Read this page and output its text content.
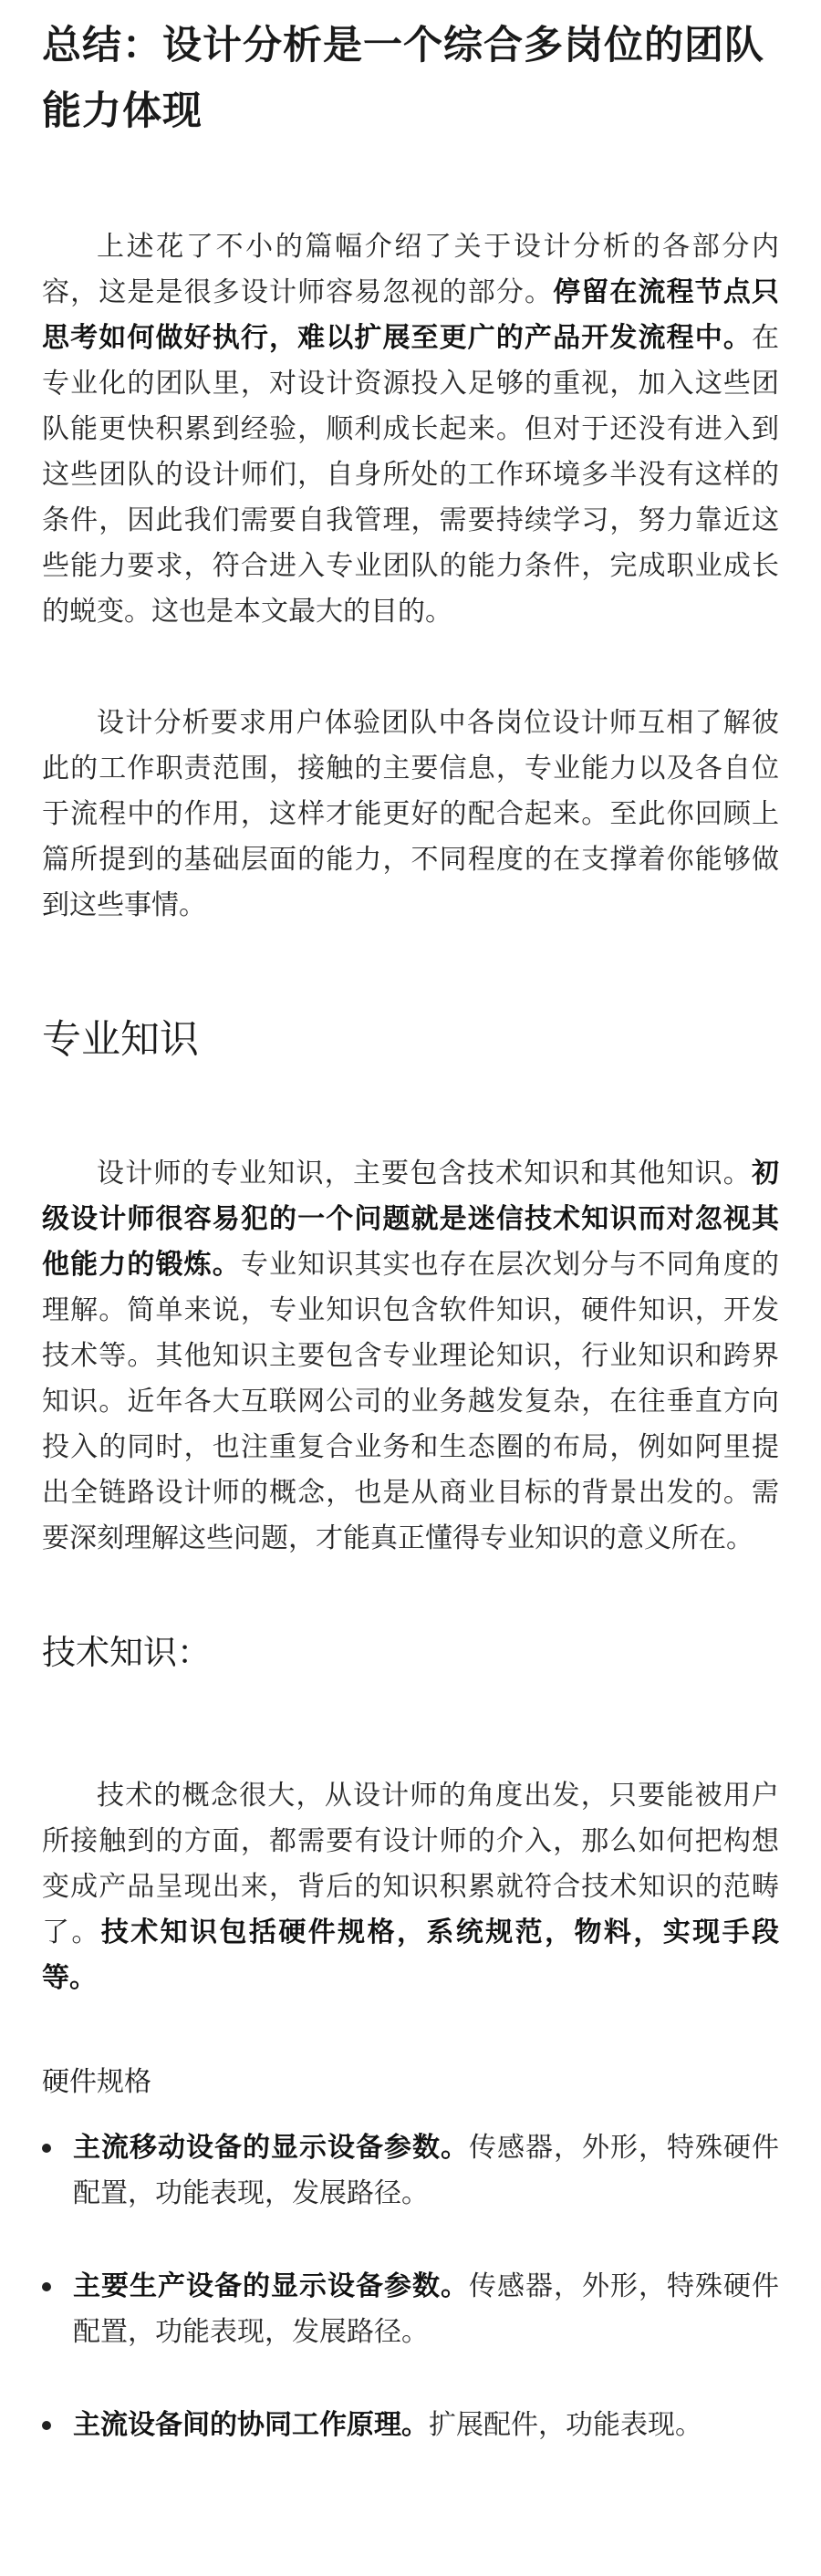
总结：设计分析是一个综合多岗位的团队能力体现

上述花了不小的篇幅介绍了关于设计分析的各部分内容，这是是很多设计师容易忽视的部分。停留在流程节点只思考如何做好执行，难以扩展至更广的产品开发流程中。在专业化的团队里，对设计资源投入足够的重视，加入这些团队能更快积累到经验，顺利成长起来。但对于还没有进入到这些团队的设计师们，自身所处的工作环境多半没有这样的条件，因此我们需要自我管理，需要持续学习，努力靠近这些能力要求，符合进入专业团队的能力条件，完成职业成长的蜕变。这也是本文最大的目的。

设计分析要求用户体验团队中各岗位设计师互相了解彼此的工作职责范围，接触的主要信息，专业能力以及各自位于流程中的作用，这样才能更好的配合起来。至此你回顾上篇所提到的基础层面的能力，不同程度的在支撑着你能够做到这些事情。

专业知识

设计师的专业知识，主要包含技术知识和其他知识。初级设计师很容易犯的一个问题就是迷信技术知识而对忽视其他能力的锻炼。专业知识其实也存在层次划分与不同角度的理解。简单来说，专业知识包含软件知识，硬件知识，开发技术等。其他知识主要包含专业理论知识，行业知识和跨界知识。近年各大互联网公司的业务越发复杂，在往垂直方向投入的同时，也注重复合业务和生态圈的布局，例如阿里提出全链路设计师的概念，也是从商业目标的背景出发的。需要深刻理解这些问题，才能真正懂得专业知识的意义所在。

技术知识：

技术的概念很大，从设计师的角度出发，只要能被用户所接触到的方面，都需要有设计师的介入，那么如何把构想变成产品呈现出来，背后的知识积累就符合技术知识的范畴了。技术知识包括硬件规格，系统规范，物料，实现手段等。

硬件规格
主流移动设备的显示设备参数。传感器，外形，特殊硬件配置，功能表现，发展路径。
主要生产设备的显示设备参数。传感器，外形，特殊硬件配置，功能表现，发展路径。
主流设备间的协同工作原理。扩展配件，功能表现。
